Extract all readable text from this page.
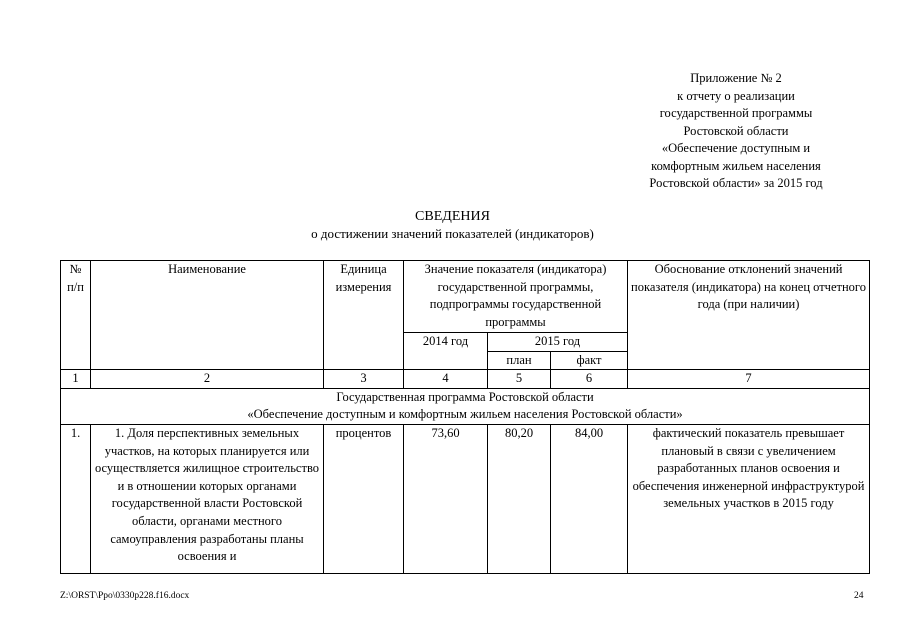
Приложение № 2
к отчету о реализации
государственной программы
Ростовской области
«Обеспечение доступным и
комфортным жильем населения
Ростовской области» за 2015 год
СВЕДЕНИЯ
о достижении значений показателей (индикаторов)
№ п/п	Наименование	Единица измерения	Значение показателя (индикатора) государственной программы, подпрограммы государственной программы			Обоснование отклонений значений показателя (индикатора) на конец отчетного года (при наличии)
			2014 год	2015 год		
				план	факт	
1	2	3	4	5	6	7

Государственная программа Ростовской области
«Обеспечение доступным и комфортным жильем населения Ростовской области»						

1.	1. Доля перспективных земельных участков, на которых планируется или осуществляется жилищное строительство и в отношении которых органами государственной власти Ростовской области, органами местного самоуправления разработаны планы освоения и	процентов	73,60	80,20	84,00	фактический показатель превышает плановый в связи с увеличением разработанных планов освоения и обеспечения инженерной инфраструктурой земельных участков в 2015 году
Z:\ORST\Ppo\0330p228.f16.docx	24
